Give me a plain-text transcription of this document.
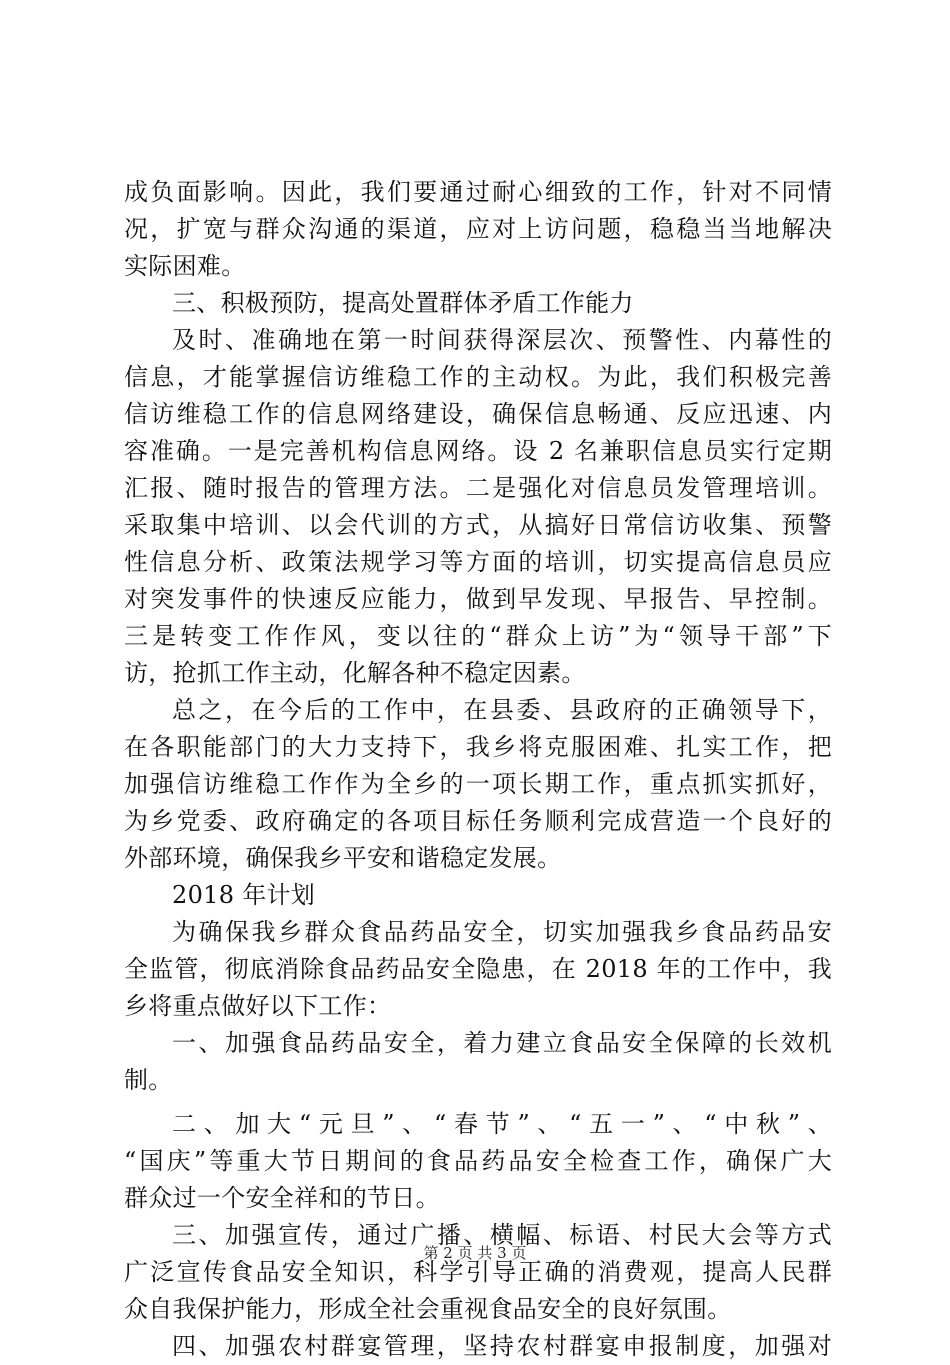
成负面影响。因此，我们要通过耐心细致的工作，针对不同情
况，扩宽与群众沟通的渠道，应对上访问题，稳稳当当地解决
实际困难。
三、积极预防，提高处置群体矛盾工作能力
及时、准确地在第一时间获得深层次、预警性、内幕性的
信息，才能掌握信访维稳工作的主动权。为此，我们积极完善
信访维稳工作的信息网络建设，确保信息畅通、反应迅速、内
容准确。一是完善机构信息网络。设 2 名兼职信息员实行定期
汇报、随时报告的管理方法。二是强化对信息员发管理培训。
采取集中培训、以会代训的方式，从搞好日常信访收集、预警
性信息分析、政策法规学习等方面的培训，切实提高信息员应
对突发事件的快速反应能力，做到早发现、早报告、早控制。
三是转变工作作风，变以往的“群众上访”为“领导干部”下
访，抢抓工作主动，化解各种不稳定因素。
总之，在今后的工作中，在县委、县政府的正确领导下，
在各职能部门的大力支持下，我乡将克服困难、扎实工作，把
加强信访维稳工作作为全乡的一项长期工作，重点抓实抓好，
为乡党委、政府确定的各项目标任务顺利完成营造一个良好的
外部环境，确保我乡平安和谐稳定发展。
2018 年计划
为确保我乡群众食品药品安全，切实加强我乡食品药品安
全监管，彻底消除食品药品安全隐患，在 2018 年的工作中，我
乡将重点做好以下工作：
一、加强食品药品安全，着力建立食品安全保障的长效机
制。
二、加大“元旦”、“春节”、“五一”、“中秋”、
“国庆”等重大节日期间的食品药品安全检查工作，确保广大
群众过一个安全祥和的节日。
三、加强宣传，通过广播、横幅、标语、村民大会等方式
广泛宣传食品安全知识，科学引导正确的消费观，提高人民群
众自我保护能力，形成全社会重视食品安全的良好氛围。
四、加强农村群宴管理，坚持农村群宴申报制度，加强对
第 2 页 共 3 页
